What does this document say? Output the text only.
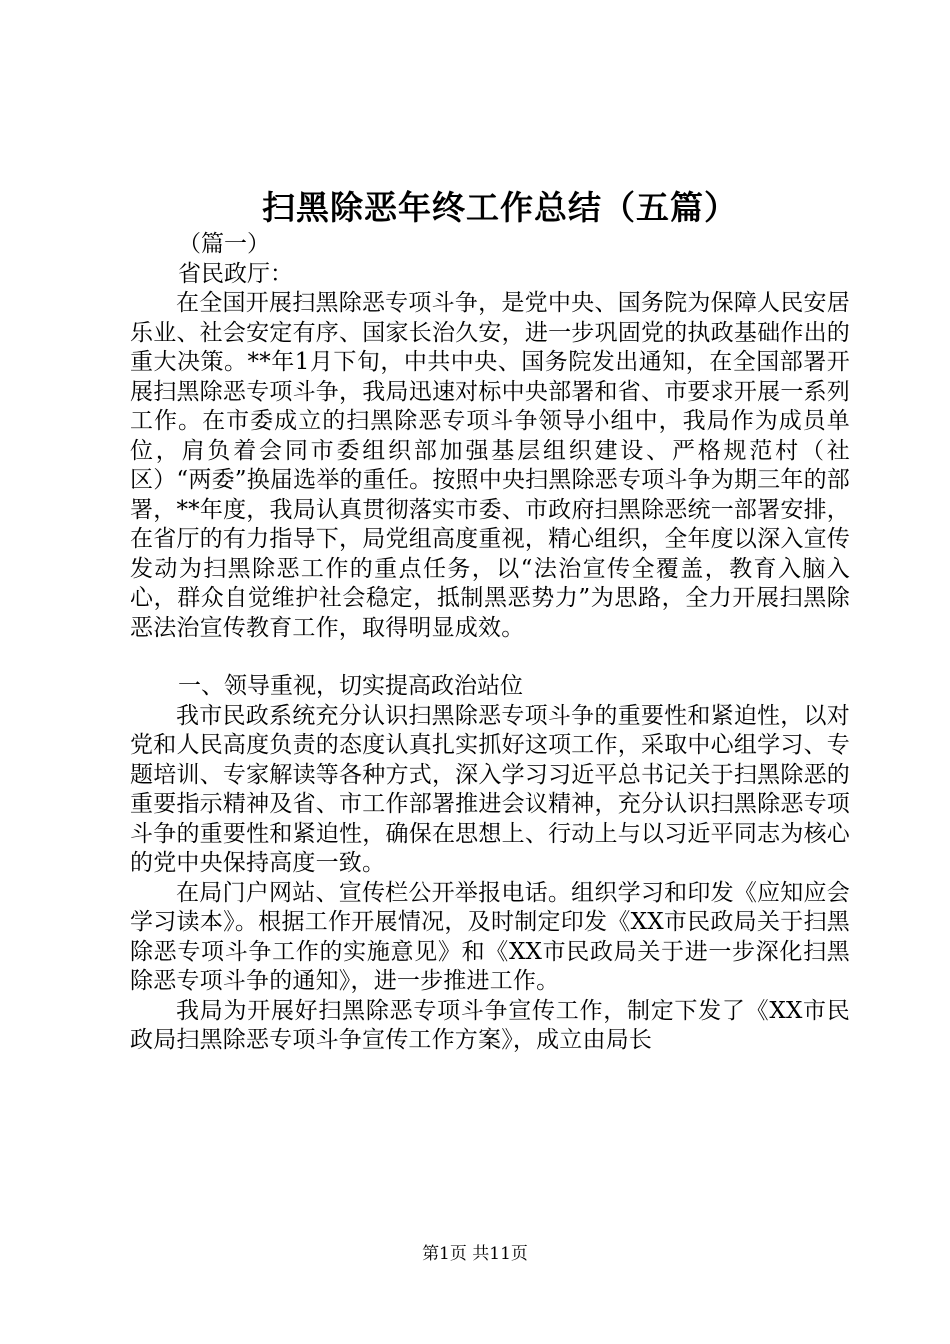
扫黑除恶年终工作总结（五篇）

（篇一）

省民政厅：

在全国开展扫黑除恶专项斗争，是党中央、国务院为保障人民安居乐业、社会安定有序、国家长治久安，进一步巩固党的执政基础作出的重大决策。**年1月下旬，中共中央、国务院发出通知，在全国部署开展扫黑除恶专项斗争，我局迅速对标中央部署和省、市要求开展一系列工作。在市委成立的扫黑除恶专项斗争领导小组中，我局作为成员单位，肩负着会同市委组织部加强基层组织建设、严格规范村（社区）“两委”换届选举的重任。按照中央扫黑除恶专项斗争为期三年的部署，**年度，我局认真贯彻落实市委、市政府扫黑除恶统一部署安排，在省厅的有力指导下，局党组高度重视，精心组织，全年度以深入宣传发动为扫黑除恶工作的重点任务，以“法治宣传全覆盖，教育入脑入心，群众自觉维护社会稳定，抵制黑恶势力”为思路，全力开展扫黑除恶法治宣传教育工作，取得明显成效。

一、领导重视，切实提高政治站位

我市民政系统充分认识扫黑除恶专项斗争的重要性和紧迫性，以对党和人民高度负责的态度认真扎实抓好这项工作，采取中心组学习、专题培训、专家解读等各种方式，深入学习习近平总书记关于扫黑除恶的重要指示精神及省、市工作部署推进会议精神，充分认识扫黑除恶专项斗争的重要性和紧迫性，确保在思想上、行动上与以习近平同志为核心的党中央保持高度一致。

在局门户网站、宣传栏公开举报电话。组织学习和印发《应知应会学习读本》。根据工作开展情况，及时制定印发《XX市民政局关于扫黑除恶专项斗争工作的实施意见》和《XX市民政局关于进一步深化扫黑除恶专项斗争的通知》，进一步推进工作。

我局为开展好扫黑除恶专项斗争宣传工作，制定下发了《XX市民政局扫黑除恶专项斗争宣传工作方案》，成立由局长

第1页 共11页
